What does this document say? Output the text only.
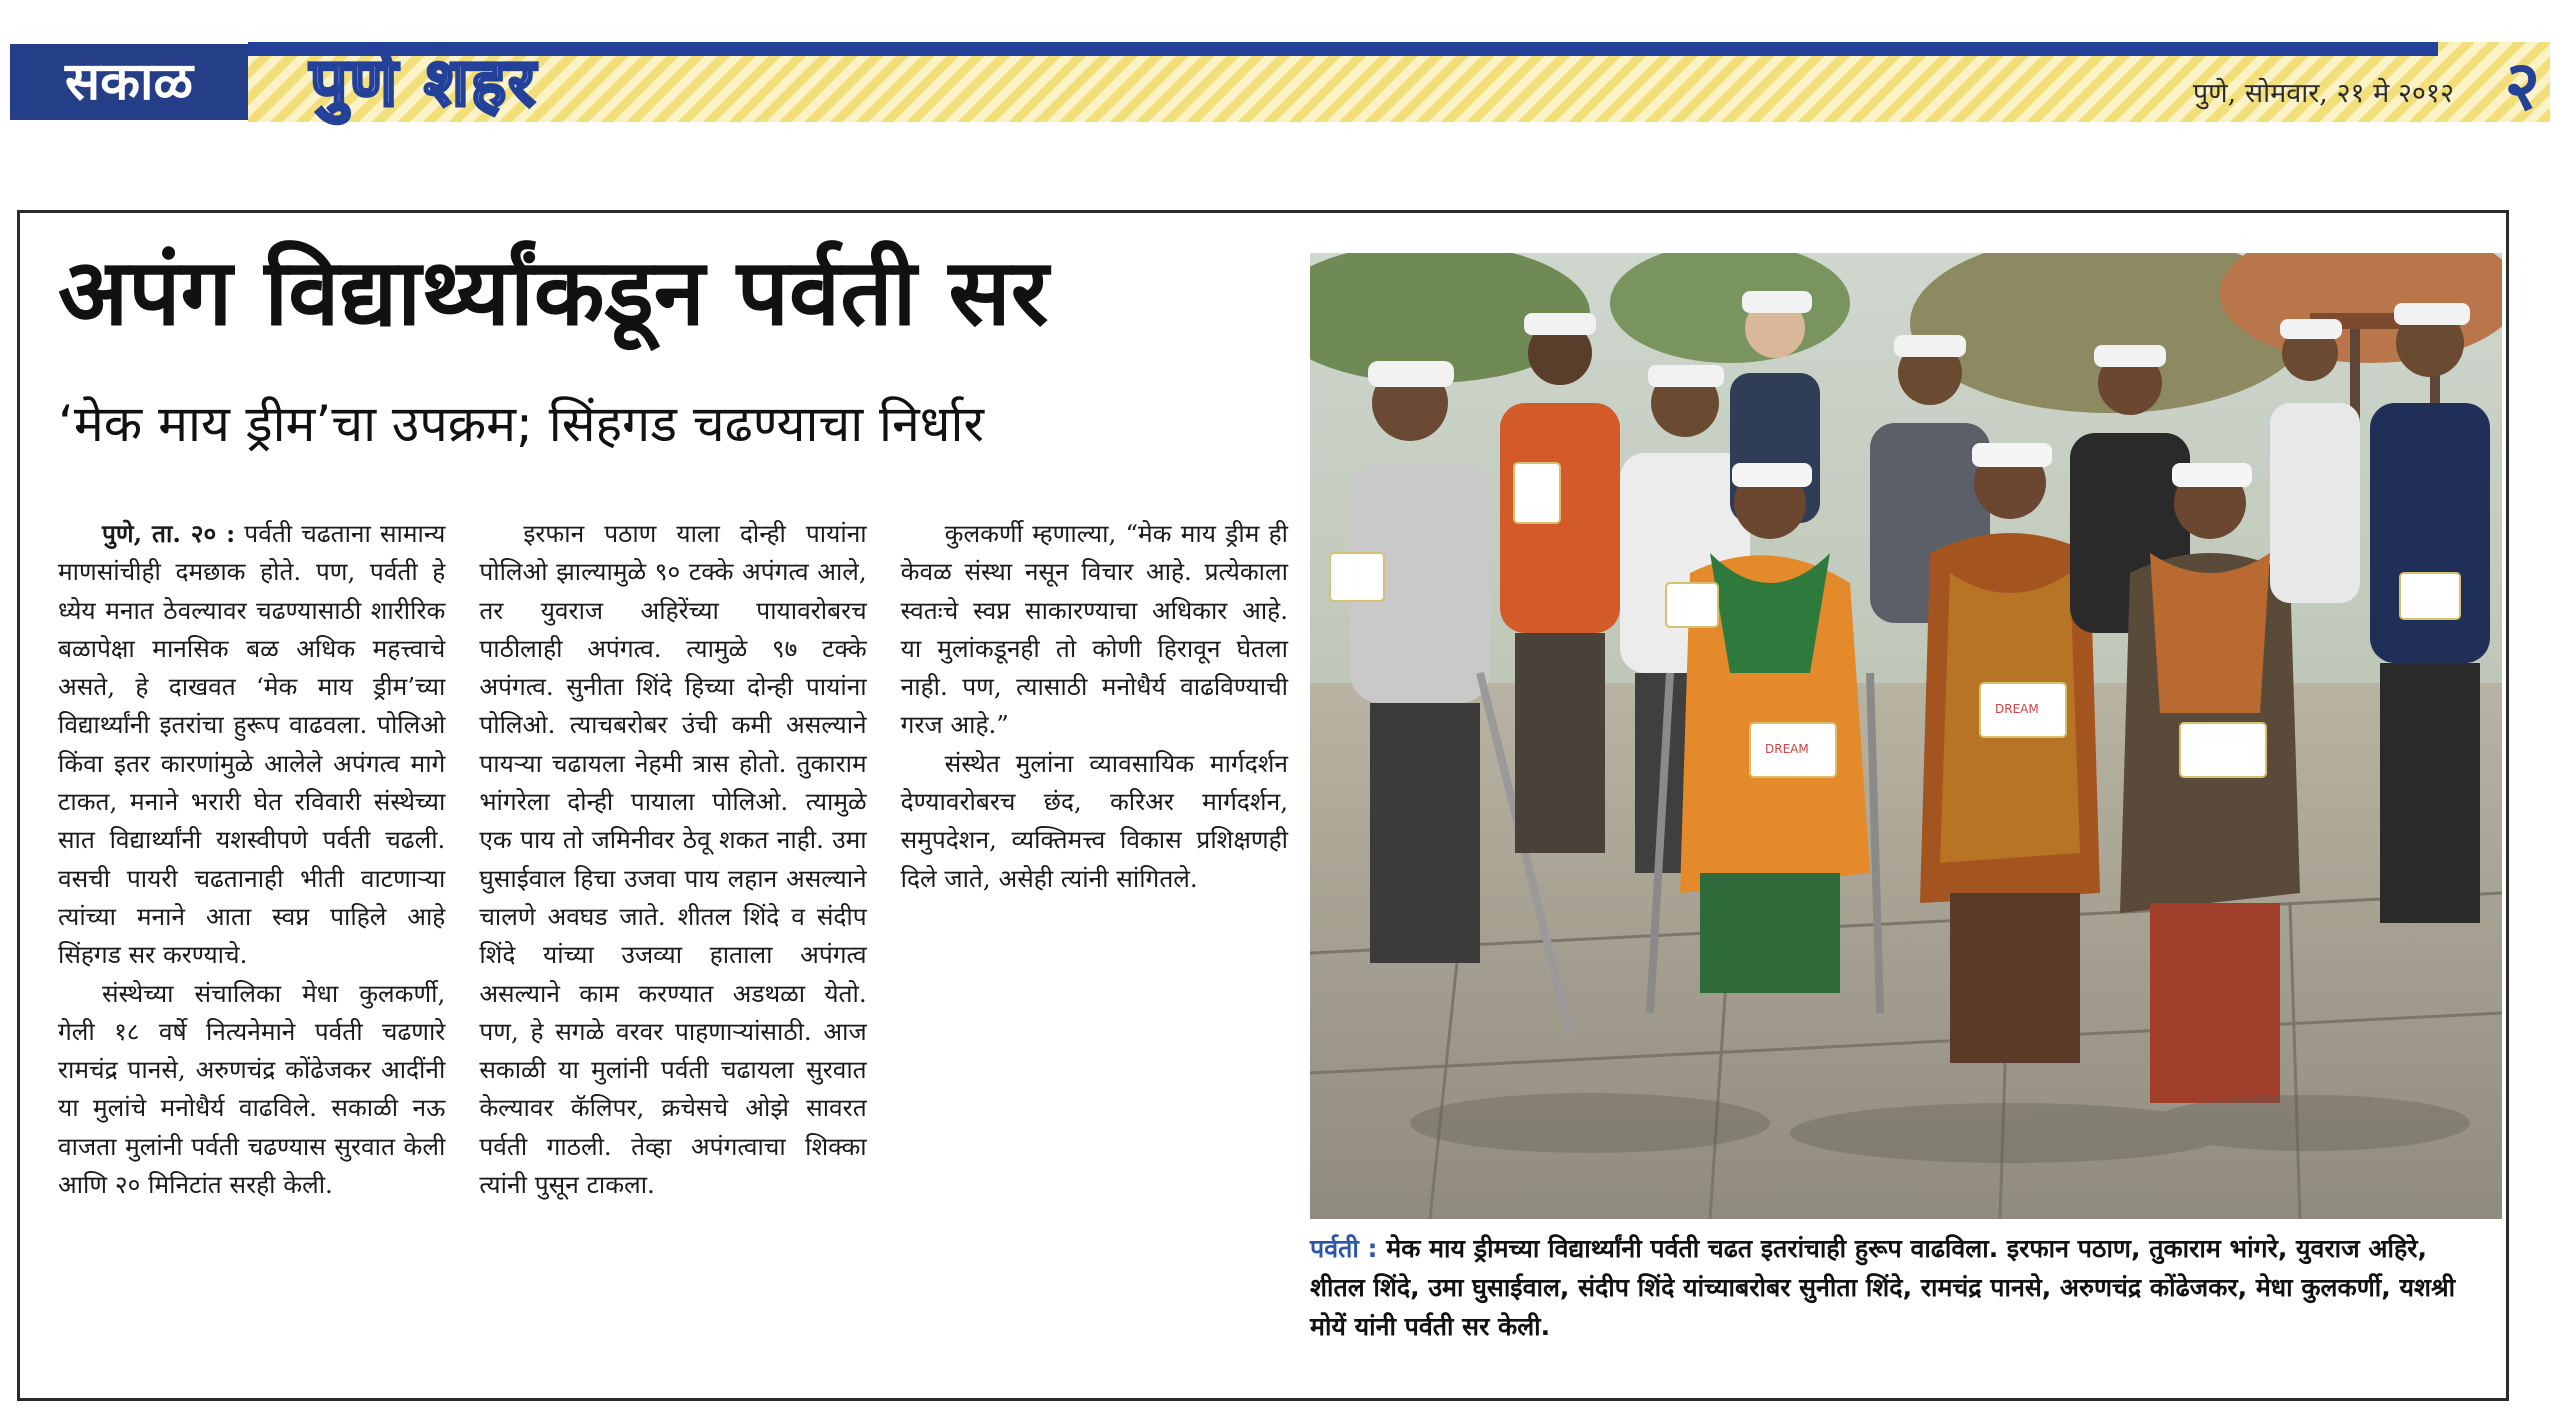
सकाळ	पुणे शहर	पुणे, सोमवार, २१ मे २०१२ २
अपंग विद्यार्थ्यांकडून पर्वती सर
‘मेक माय ड्रीम’चा उपक्रम; सिंहगड चढण्याचा निर्धार

पुणे, ता. २० : पर्वती चढताना सामान्य माणसांचीही दमछाक होते. पण, पर्वती हे ध्येय मनात ठेवल्यावर चढण्यासाठी शारीरिक बळापेक्षा मानसिक बळ अधिक महत्त्वाचे असते, हे दाखवत ‘मेक माय ड्रीम’च्या विद्यार्थ्यांनी इतरांचा हुरूप वाढवला. पोलिओ किंवा इतर कारणांमुळे आलेले अपंगत्व मागे टाकत, मनाने भरारी घेत रविवारी संस्थेच्या सात विद्यार्थ्यांनी यशस्वीपणे पर्वती चढली. वसची पायरी चढतानाही भीती वाटणाऱ्या त्यांच्या मनाने आता स्वप्न पाहिले आहे सिंहगड सर करण्याचे.

संस्थेच्या संचालिका मेधा कुलकर्णी, गेली १८ वर्षे नित्यनेमाने पर्वती चढणारे रामचंद्र पानसे, अरुणचंद्र कोंढेजकर आदींनी या मुलांचे मनोधैर्य वाढविले. सकाळी नऊ वाजता मुलांनी पर्वती चढण्यास सुरवात केली आणि २० मिनिटांत सरही केली.

इरफान पठाण याला दोन्ही पायांना पोलिओ झाल्यामुळे ९० टक्के अपंगत्व आले, तर युवराज अहिरेंच्या पायावरोबरच पाठीलाही अपंगत्व. त्यामुळे ९७ टक्के अपंगत्व. सुनीता शिंदे हिच्या दोन्ही पायांना पोलिओ. त्याचबरोबर उंची कमी असल्याने पायऱ्या चढायला नेहमी त्रास होतो. तुकाराम भांगरेला दोन्ही पायाला पोलिओ. त्यामुळे एक पाय तो जमिनीवर ठेवू शकत नाही. उमा घुसाईवाल हिचा उजवा पाय लहान असल्याने चालणे अवघड जाते. शीतल शिंदे व संदीप शिंदे यांच्या उजव्या हाताला अपंगत्व असल्याने काम करण्यात अडथळा येतो. पण, हे सगळे वरवर पाहणाऱ्यांसाठी. आज सकाळी या मुलांनी पर्वती चढायला सुरवात केल्यावर कॅलिपर, क्रचेसचे ओझे सावरत पर्वती गाठली. तेव्हा अपंगत्वाचा शिक्का त्यांनी पुसून टाकला.

कुलकर्णी म्हणाल्या, “मेक माय ड्रीम ही केवळ संस्था नसून विचार आहे. प्रत्येकाला स्वतःचे स्वप्न साकारण्याचा अधिकार आहे. या मुलांकडूनही तो कोणी हिरावून घेतला नाही. पण, त्यासाठी मनोधैर्य वाढविण्याची गरज आहे.”

संस्थेत मुलांना व्यावसायिक मार्गदर्शन देण्यावरोबरच छंद, करिअर मार्गदर्शन, समुपदेशन, व्यक्तिमत्त्व विकास प्रशिक्षणही दिले जाते, असेही त्यांनी सांगितले.

DREAM
DREAM
पर्वती : मेक माय ड्रीमच्या विद्यार्थ्यांनी पर्वती चढत इतरांचाही हुरूप वाढविला. इरफान पठाण, तुकाराम भांगरे, युवराज अहिरे, शीतल शिंदे, उमा घुसाईवाल, संदीप शिंदे यांच्याबरोबर सुनीता शिंदे, रामचंद्र पानसे, अरुणचंद्र कोंढेजकर, मेधा कुलकर्णी, यशश्री मोयें यांनी पर्वती सर केली.
